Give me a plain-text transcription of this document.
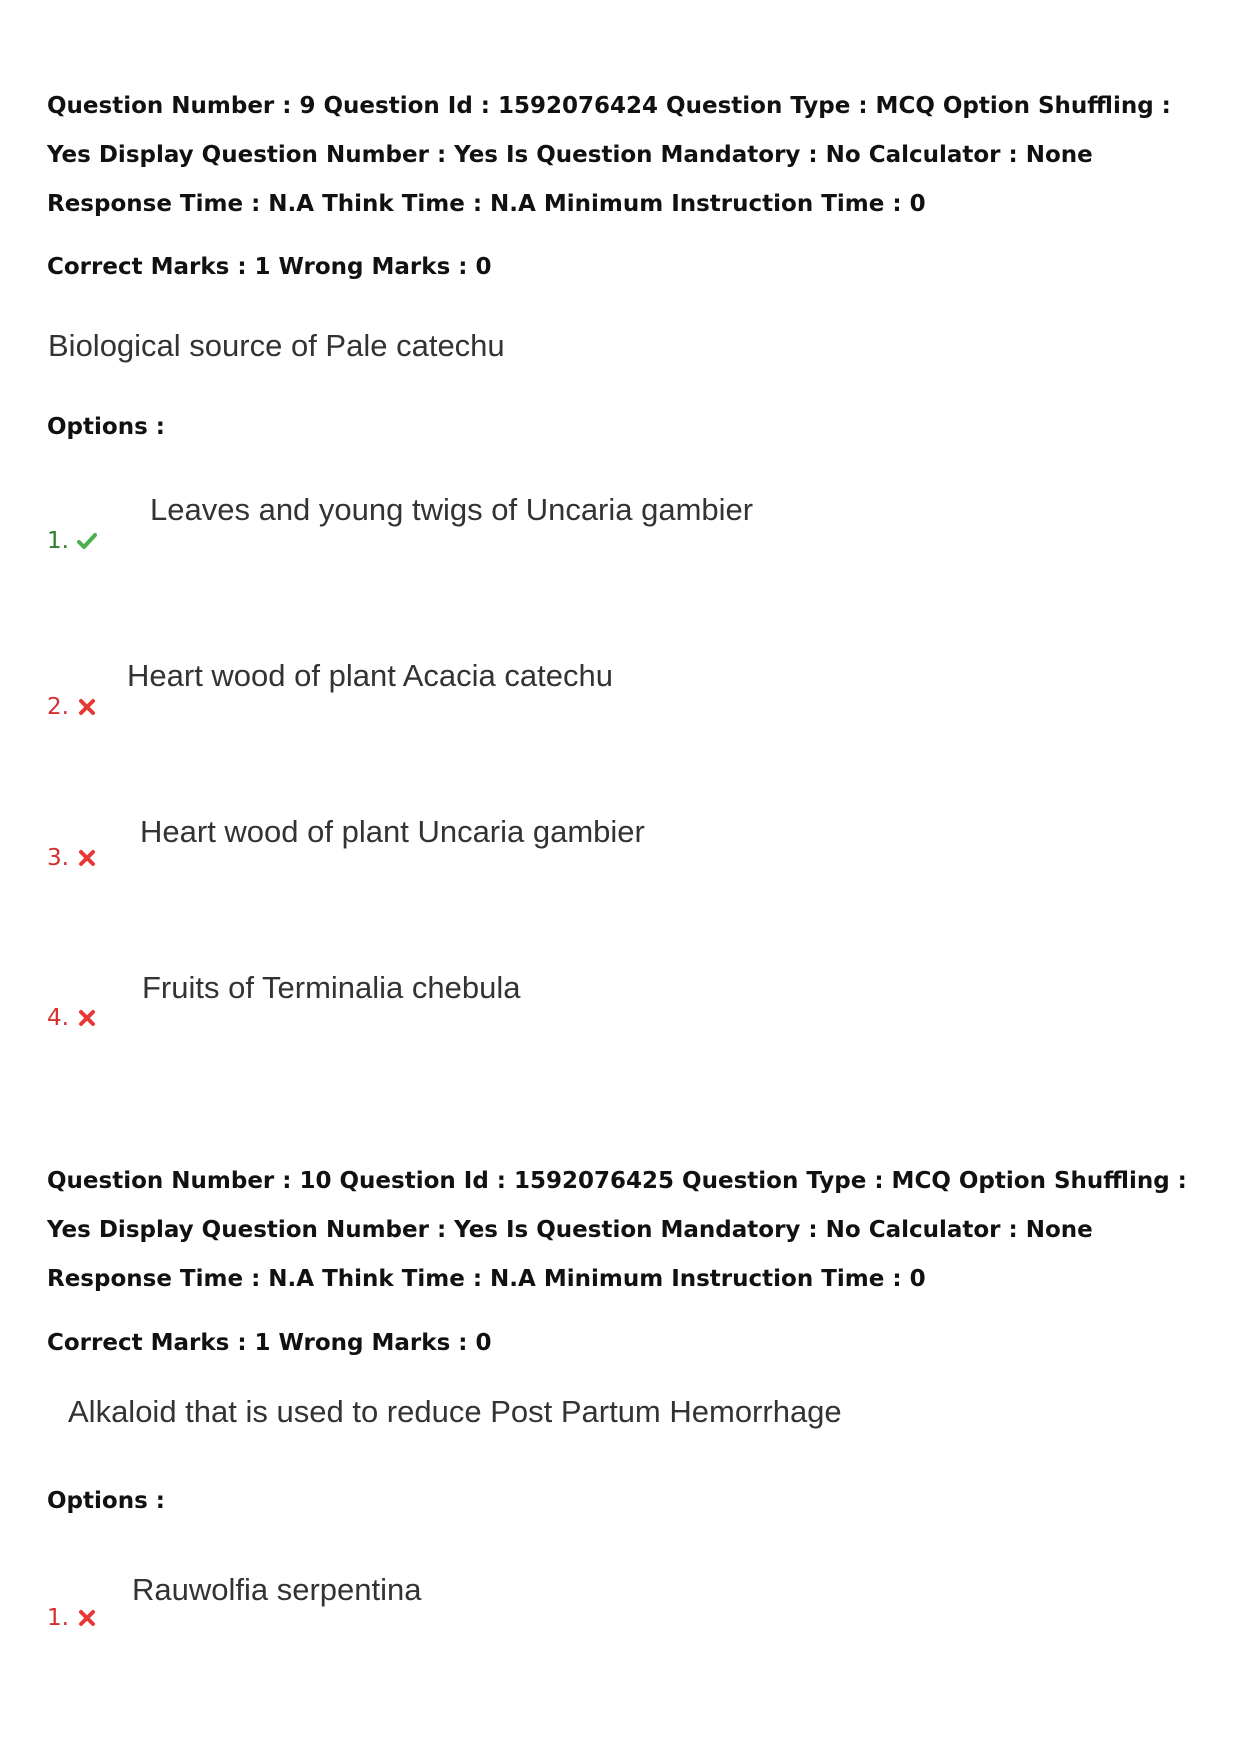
Question Number : 9 Question Id : 1592076424 Question Type : MCQ Option Shuffling : Yes Display Question Number : Yes Is Question Mandatory : No Calculator : None Response Time : N.A Think Time : N.A Minimum Instruction Time : 0
Correct Marks : 1 Wrong Marks : 0
Biological source of Pale catechu
Options :
1.
Leaves and young twigs of Uncaria gambier
2.
Heart wood of plant Acacia catechu
3.
Heart wood of plant Uncaria gambier
4.
Fruits of Terminalia chebula
Question Number : 10 Question Id : 1592076425 Question Type : MCQ Option Shuffling : Yes Display Question Number : Yes Is Question Mandatory : No Calculator : None Response Time : N.A Think Time : N.A Minimum Instruction Time : 0
Correct Marks : 1 Wrong Marks : 0
Alkaloid that is used to reduce Post Partum Hemorrhage
Options :
1.
Rauwolfia serpentina
